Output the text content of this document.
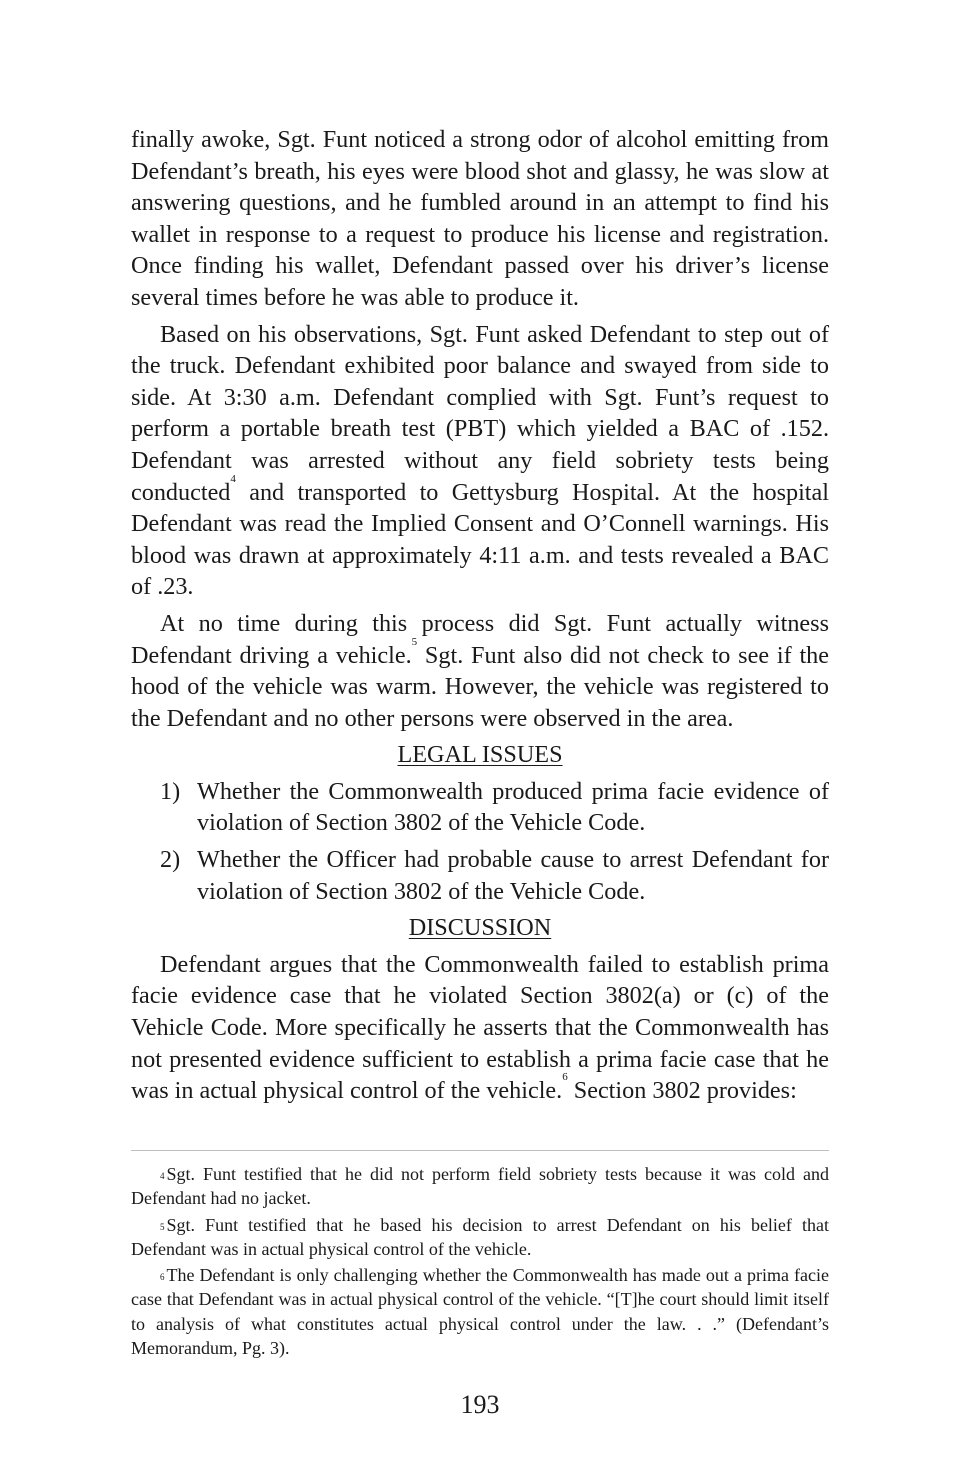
finally awoke, Sgt. Funt noticed a strong odor of alcohol emitting from Defendant’s breath, his eyes were blood shot and glassy, he was slow at answering questions, and he fumbled around in an attempt to find his wallet in response to a request to produce his license and registration. Once finding his wallet, Defendant passed over his driver’s license several times before he was able to produce it.

Based on his observations, Sgt. Funt asked Defendant to step out of the truck. Defendant exhibited poor balance and swayed from side to side. At 3:30 a.m. Defendant complied with Sgt. Funt’s request to perform a portable breath test (PBT) which yielded a BAC of .152. Defendant was arrested without any field sobriety tests being conducted$^4$ and transported to Gettysburg Hospital. At the hospital Defendant was read the Implied Consent and O’Connell warnings. His blood was drawn at approximately 4:11 a.m. and tests revealed a BAC of .23.

At no time during this process did Sgt. Funt actually witness Defendant driving a vehicle.$^5$ Sgt. Funt also did not check to see if the hood of the vehicle was warm. However, the vehicle was registered to the Defendant and no other persons were observed in the area.

LEGAL ISSUES
1) Whether the Commonwealth produced prima facie evidence of violation of Section 3802 of the Vehicle Code.
2) Whether the Officer had probable cause to arrest Defendant for violation of Section 3802 of the Vehicle Code.
DISCUSSION

Defendant argues that the Commonwealth failed to establish prima facie evidence case that he violated Section 3802(a) or (c) of the Vehicle Code. More specifically he asserts that the Commonwealth has not presented evidence sufficient to establish a prima facie case that he was in actual physical control of the vehicle.$^6$ Section 3802 provides:

$^4$ Sgt. Funt testified that he did not perform field sobriety tests because it was cold and Defendant had no jacket.

$^5$ Sgt. Funt testified that he based his decision to arrest Defendant on his belief that Defendant was in actual physical control of the vehicle.

$^6$ The Defendant is only challenging whether the Commonwealth has made out a prima facie case that Defendant was in actual physical control of the vehicle. “[T]he court should limit itself to analysis of what constitutes actual physical control under the law. . .” (Defendant’s Memorandum, Pg. 3).

193
